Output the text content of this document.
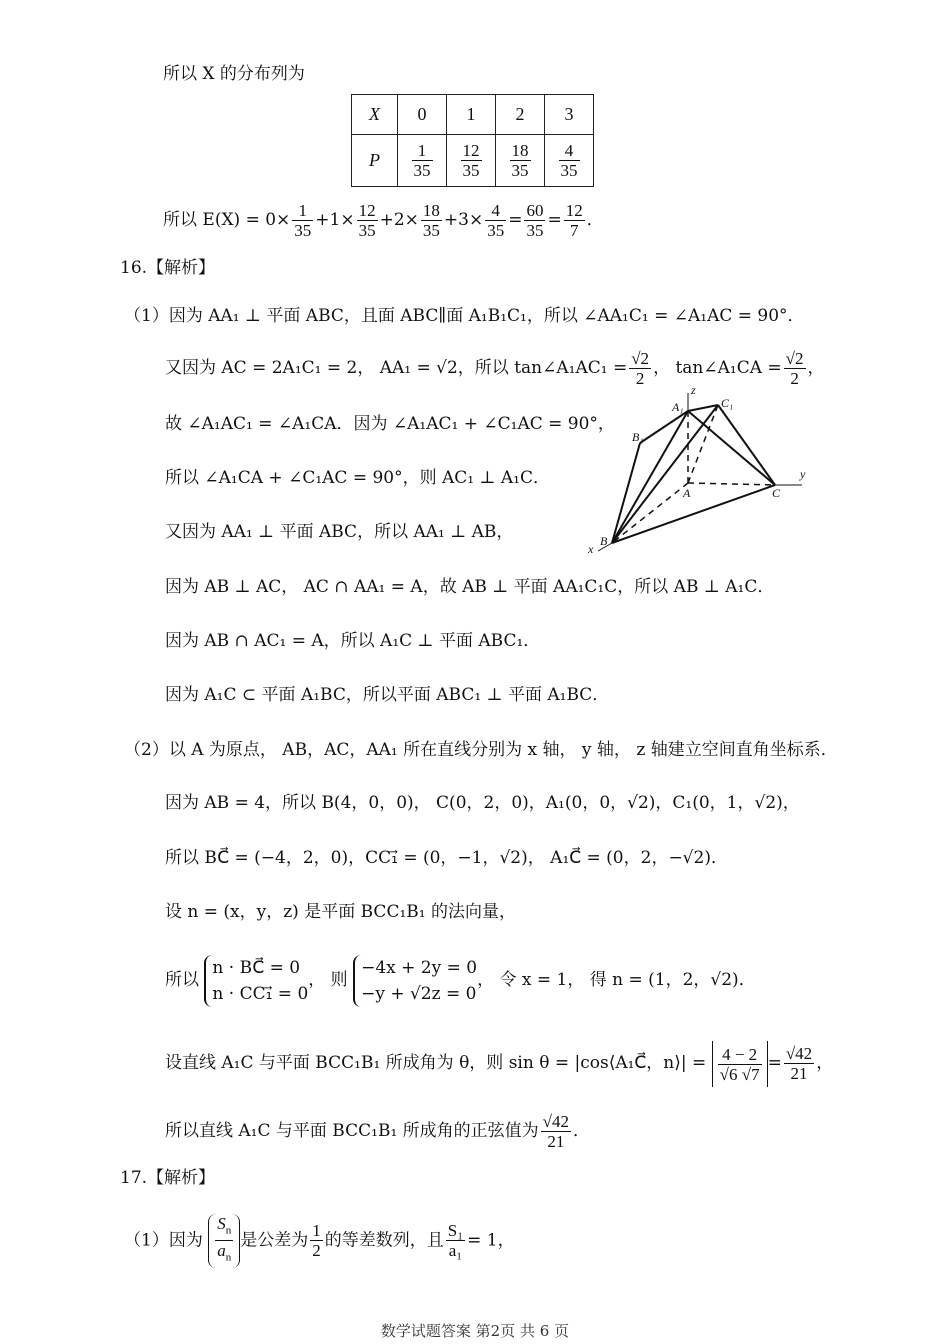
所以 X 的分布列为
X	0	1	2	3
P	$\frac{1}{35}$	$\frac{12}{35}$	$\frac{18}{35}$	$\frac{4}{35}$
所以 $E(X) = 0\times \frac{1}{35} +1\times \frac{12}{35} +2\times \frac{18}{35} +3\times \frac{4}{35} = \frac{60}{35} = \frac{12}{7}$ ．
16.【解析】
（1）因为 AA₁ ⊥ 平面 ABC，且面 ABC∥面 A₁B₁C₁，所以 ∠AA₁C₁ = ∠A₁AC = 90°．
又因为 AC = 2A₁C₁ = 2， AA₁ = √2，所以 tan∠A₁AC₁ = $\frac{√2}{2}$ ， tan∠A₁CA = $\frac{√2}{2}$ ，
故 ∠A₁AC₁ = ∠A₁CA．因为 ∠A₁AC₁ + ∠C₁AC = 90°，
所以 ∠A₁CA + ∠C₁AC = 90°，则 AC₁ ⊥ A₁C．
又因为 AA₁ ⊥ 平面 ABC，所以 AA₁ ⊥ AB，
因为 AB ⊥ AC， AC ∩ AA₁ = A，故 AB ⊥ 平面 AA₁C₁C，所以 AB ⊥ A₁C．
因为 AB ∩ AC₁ = A，所以 A₁C ⊥ 平面 ABC₁．
因为 A₁C ⊂ 平面 A₁BC，所以平面 ABC₁ ⊥ 平面 A₁BC．
A₁	C₁
B₁
A	C
B
x
y
z
（2）以 A 为原点， AB，AC，AA₁ 所在直线分别为 x 轴， y 轴， z 轴建立空间直角坐标系．
因为 AB = 4，所以 B(4，0，0)， C(0，2，0)，A₁(0，0，√2)，C₁(0，1，√2)，
所以 BC⃗ = (−4，2，0)，CC₁⃗ = (0，−1，√2)， A₁C⃗ = (0，2，−√2)．
设 n = (x，y，z) 是平面 BCC₁B₁ 的法向量，
所以
n · BC⃗ = 0
n · CC₁⃗ = 0
， 则
−4x + 2y = 0
−y + √2z = 0
， 令 x = 1， 得 n = (1，2，√2)．
设直线 A₁C 与平面 BCC₁B₁ 所成角为 θ，则 sin θ = |cos⟨A₁C⃗，n⟩| = $\frac{4 - 2}{√6 √7} = \frac{√42}{21}$ ，
所以直线 A₁C 与平面 BCC₁B₁ 所成角的正弦值为 $\frac{√42}{21}$ ．
17.【解析】
（1）因为 $\frac{S_n}{a_n}$ 是公差为 $\frac{1}{2}$ 的等差数列，且 $\frac{\text{S₁}}{\text{a₁}} = 1$，
数学试题答案 第2页 共 6 页
